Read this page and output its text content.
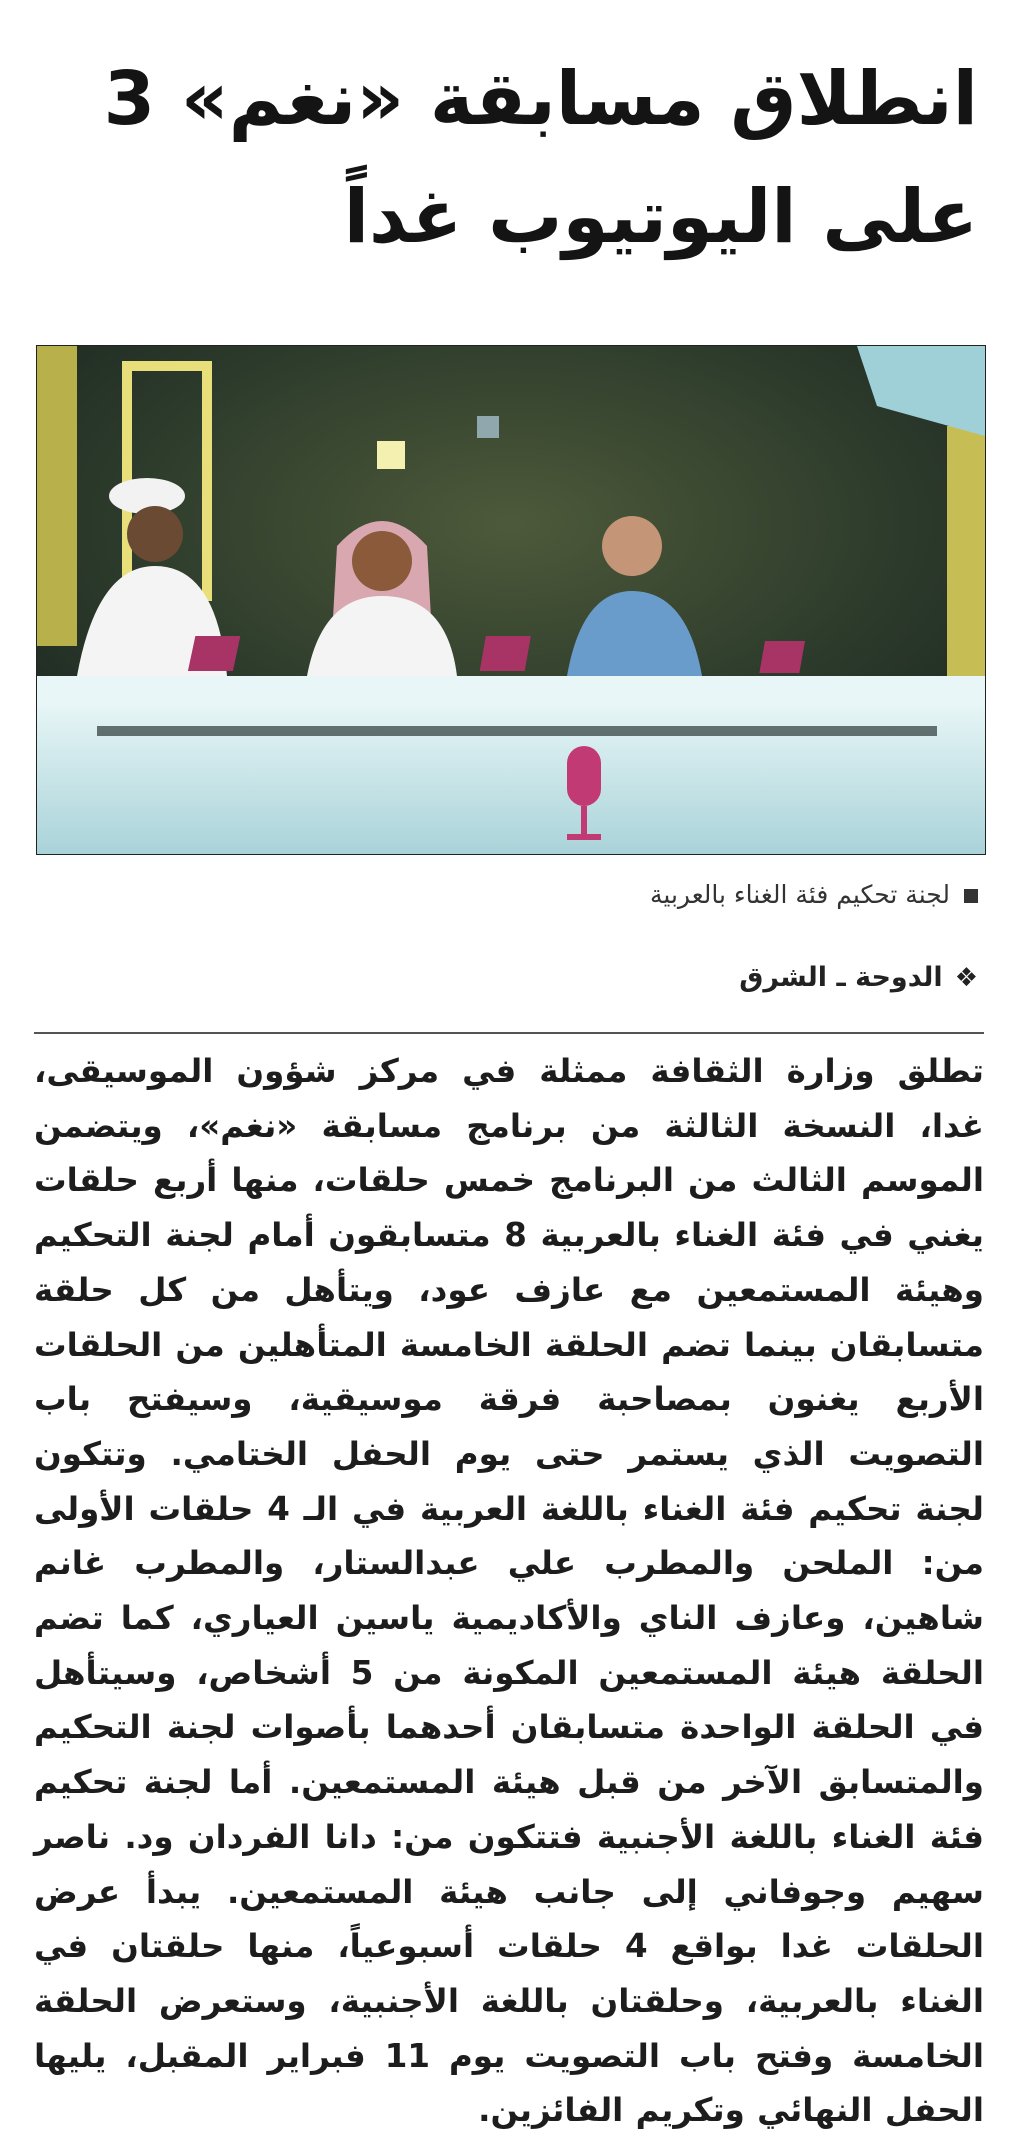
انطلاق مسابقة «نغم» 3 على اليوتيوب غداً

لجنة تحكيم فئة الغناء بالعربية

❖الدوحة ـ الشرق

تطلق وزارة الثقافة ممثلة في مركز شؤون الموسيقى، غدا، النسخة الثالثة من برنامج مسابقة «نغم»، ويتضمن الموسم الثالث من البرنامج خمس حلقات، منها أربع حلقات يغني في فئة الغناء بالعربية 8 متسابقون أمام لجنة التحكيم وهيئة المستمعين مع عازف عود، ويتأهل من كل حلقة متسابقان بينما تضم الحلقة الخامسة المتأهلين من الحلقات الأربع يغنون بمصاحبة فرقة موسيقية، وسيفتح باب التصويت الذي يستمر حتى يوم الحفل الختامي. وتتكون لجنة تحكيم فئة الغناء باللغة العربية في الـ 4 حلقات الأولى من: الملحن والمطرب علي عبدالستار، والمطرب غانم شاهين، وعازف الناي والأكاديمية ياسين العياري، كما تضم الحلقة هيئة المستمعين المكونة من 5 أشخاص، وسيتأهل في الحلقة الواحدة متسابقان أحدهما بأصوات لجنة التحكيم والمتسابق الآخر من قبل هيئة المستمعين. أما لجنة تحكيم فئة الغناء باللغة الأجنبية فتتكون من: دانا الفردان ود. ناصر سهيم وجوفاني إلى جانب هيئة المستمعين. يبدأ عرض الحلقات غدا بواقع 4 حلقات أسبوعياً، منها حلقتان في الغناء بالعربية، وحلقتان باللغة الأجنبية، وستعرض الحلقة الخامسة وفتح باب التصويت يوم 11 فبراير المقبل، يليها الحفل النهائي وتكريم الفائزين.
